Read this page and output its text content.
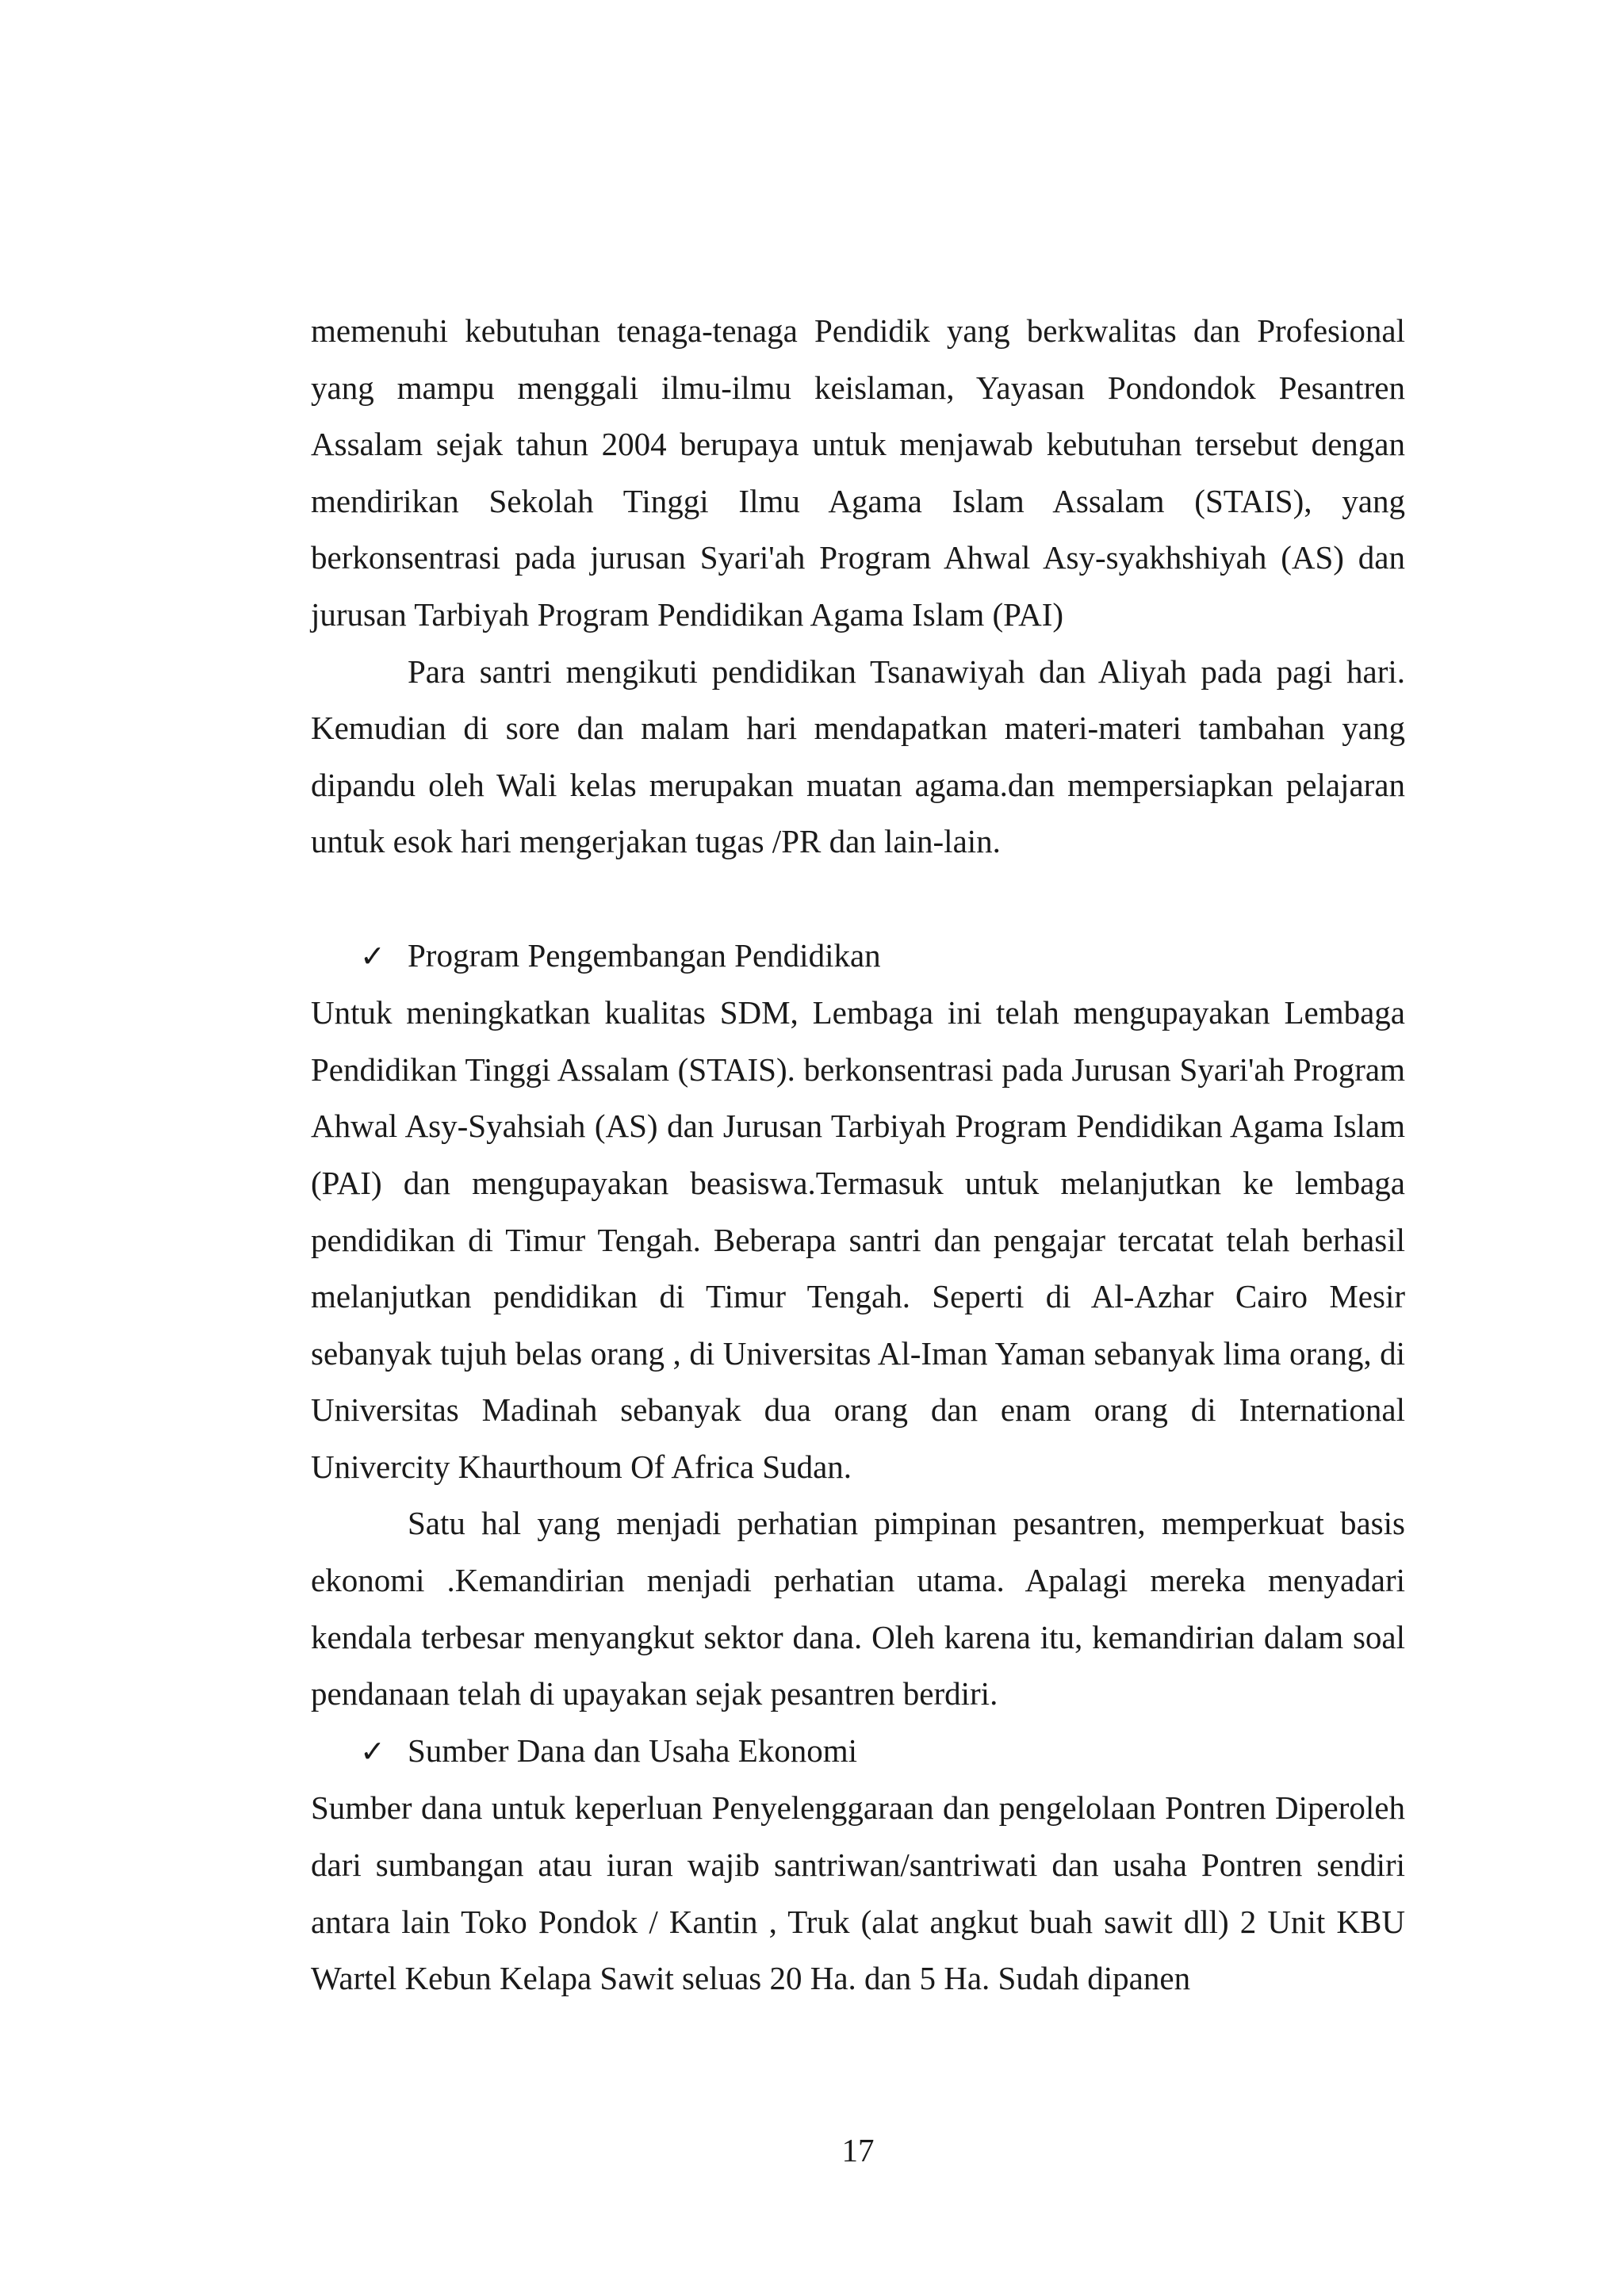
memenuhi kebutuhan tenaga-tenaga Pendidik yang berkwalitas dan Profesional yang mampu menggali ilmu-ilmu keislaman, Yayasan Pondondok Pesantren Assalam sejak tahun 2004 berupaya untuk menjawab kebutuhan tersebut dengan mendirikan Sekolah Tinggi Ilmu Agama Islam Assalam (STAIS), yang berkonsentrasi pada jurusan Syari'ah Program Ahwal Asy-syakhshiyah (AS) dan jurusan Tarbiyah Program Pendidikan Agama Islam (PAI)

Para santri mengikuti pendidikan Tsanawiyah dan Aliyah pada pagi hari. Kemudian di sore dan malam hari mendapatkan materi-materi tambahan yang dipandu oleh Wali kelas merupakan muatan agama.dan mempersiapkan pelajaran untuk esok hari mengerjakan tugas /PR dan lain-lain.

✓ Program Pengembangan Pendidikan

Untuk meningkatkan kualitas SDM, Lembaga ini telah mengupayakan Lembaga Pendidikan Tinggi Assalam (STAIS). berkonsentrasi pada Jurusan Syari'ah Program Ahwal Asy-Syahsiah (AS) dan Jurusan Tarbiyah Program Pendidikan Agama Islam (PAI) dan mengupayakan beasiswa.Termasuk untuk melanjutkan ke lembaga pendidikan di Timur Tengah. Beberapa santri dan pengajar tercatat telah berhasil melanjutkan pendidikan di Timur Tengah. Seperti di Al-Azhar Cairo Mesir sebanyak tujuh belas orang , di Universitas Al-Iman Yaman sebanyak lima orang, di Universitas Madinah sebanyak dua orang dan enam orang di International Univercity Khaurthoum Of Africa Sudan.

Satu hal yang menjadi perhatian pimpinan pesantren, memperkuat basis ekonomi .Kemandirian menjadi perhatian utama. Apalagi mereka menyadari kendala terbesar menyangkut sektor dana. Oleh karena itu, kemandirian dalam soal pendanaan telah di upayakan sejak pesantren berdiri.

✓ Sumber Dana dan Usaha Ekonomi

Sumber dana untuk keperluan Penyelenggaraan dan pengelolaan Pontren Diperoleh dari sumbangan atau iuran wajib santriwan/santriwati dan usaha Pontren sendiri antara lain Toko Pondok / Kantin , Truk (alat angkut buah sawit dll) 2 Unit KBU Wartel Kebun Kelapa Sawit seluas 20 Ha. dan 5 Ha. Sudah dipanen

17
